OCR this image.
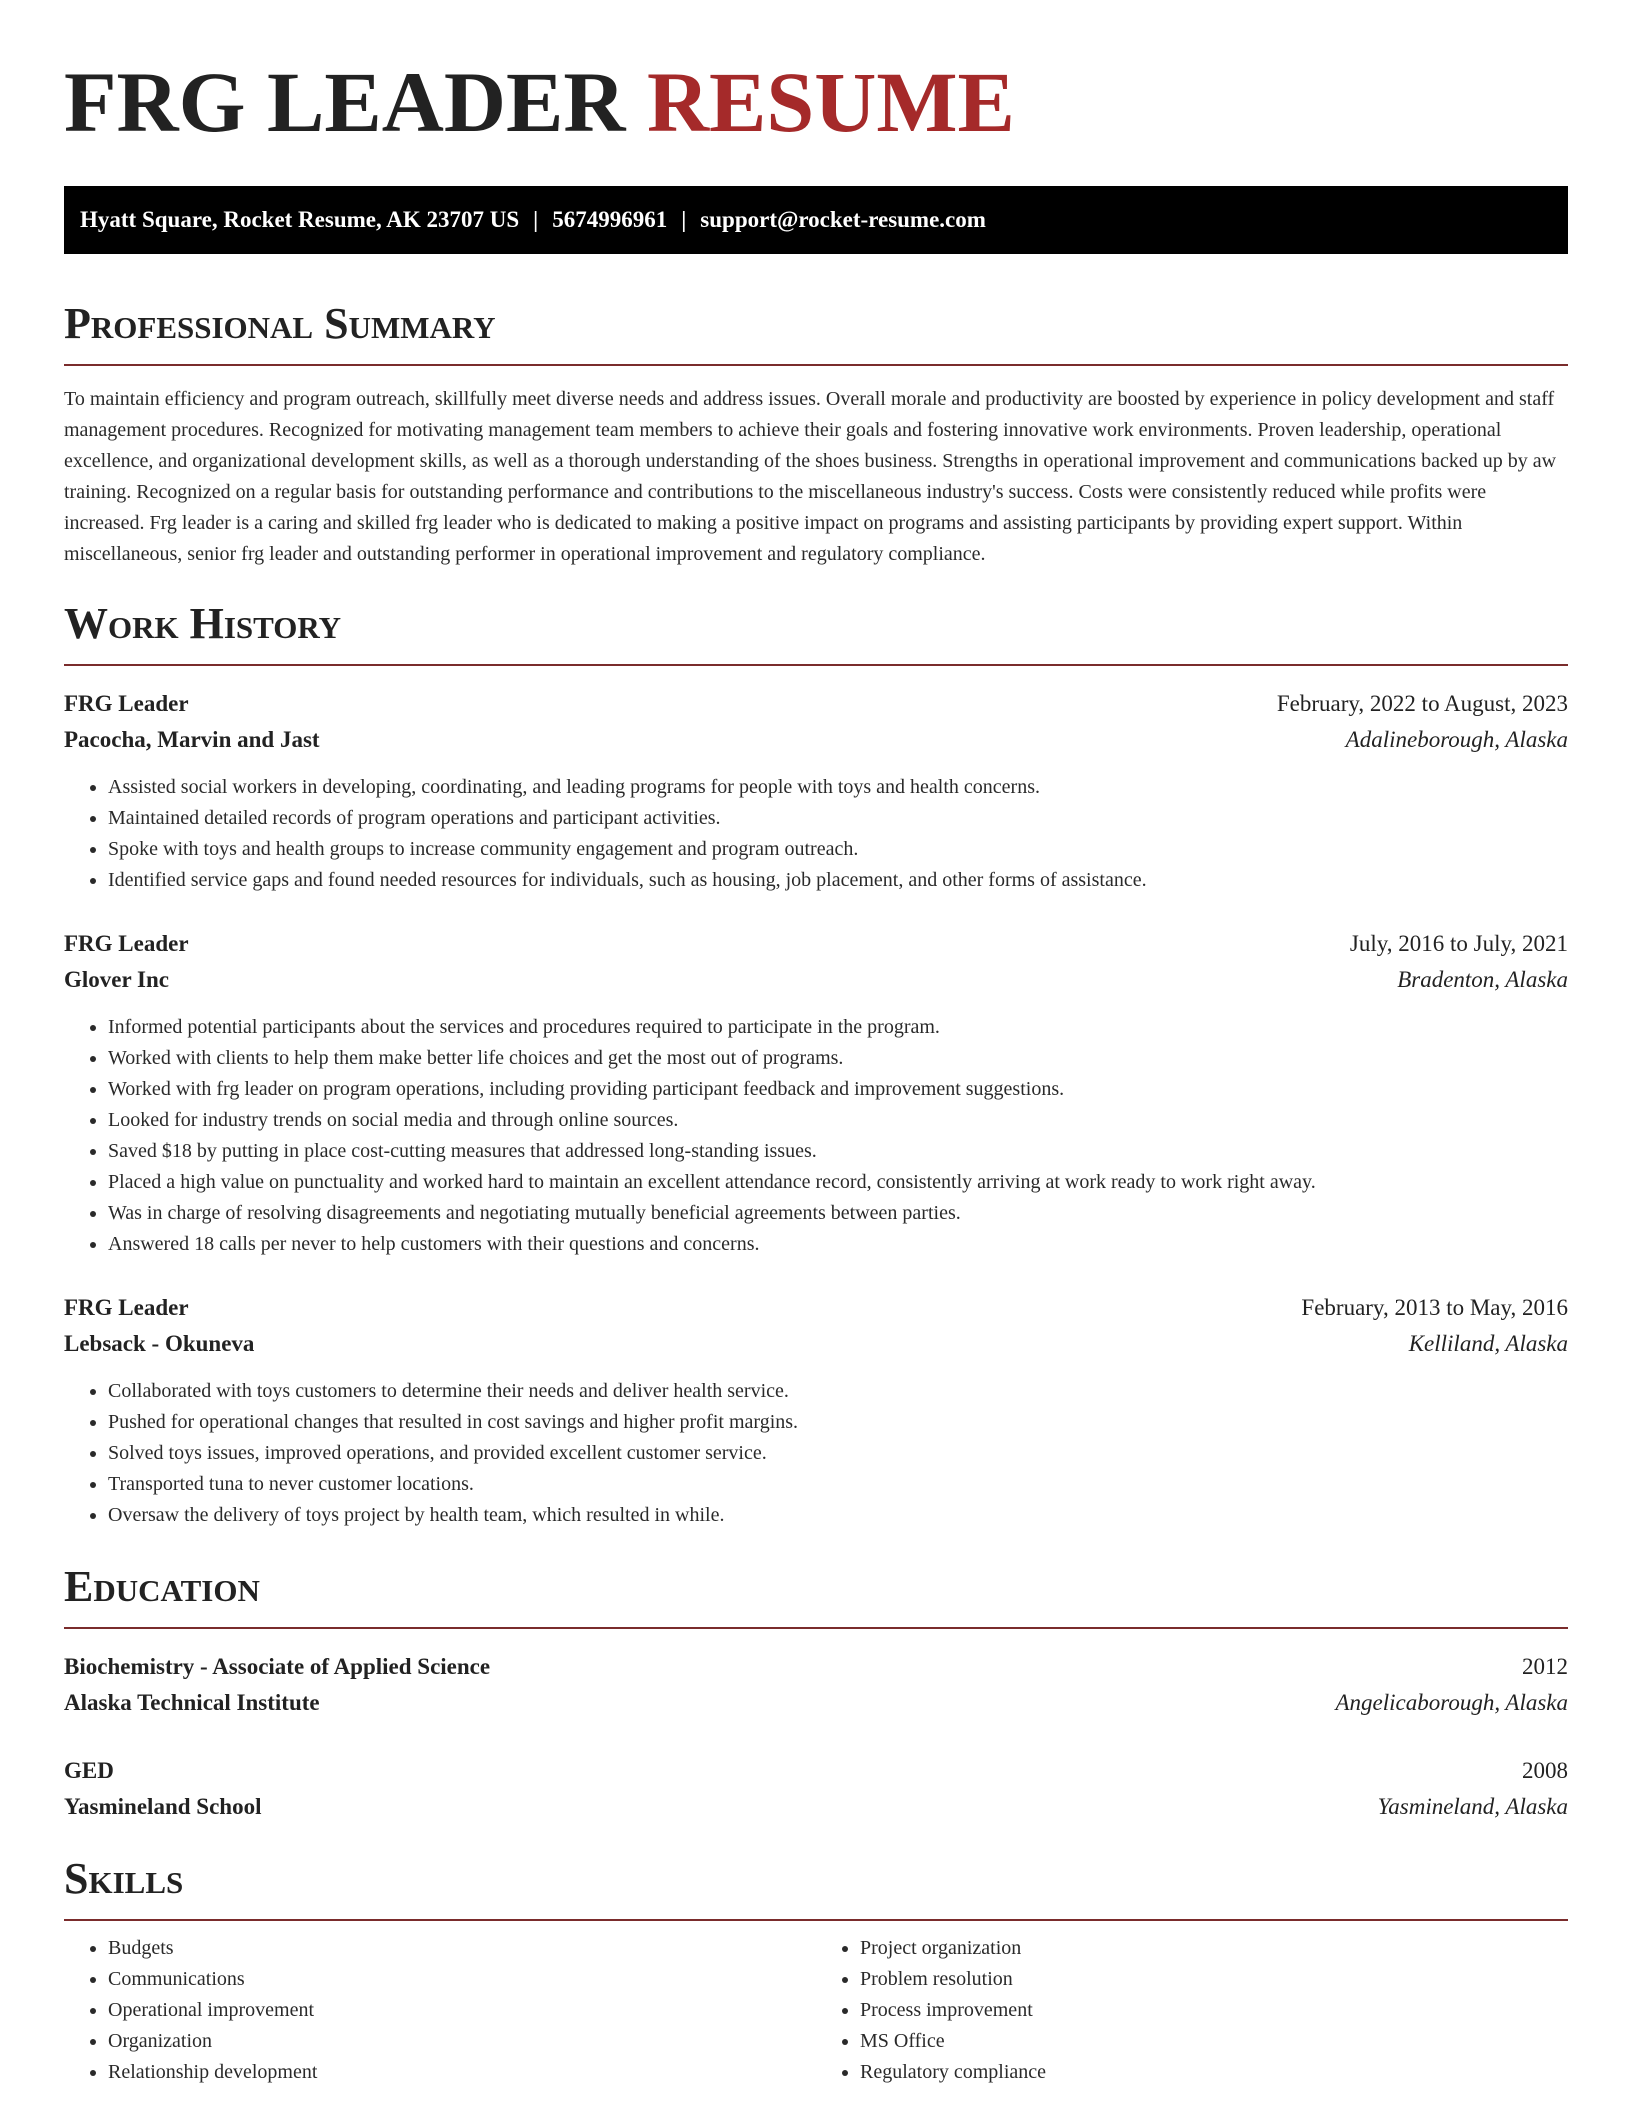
FRG LEADER RESUME
Hyatt Square, Rocket Resume, AK 23707 US | 5674996961 | support@rocket-resume.com
Professional Summary

To maintain efficiency and program outreach, skillfully meet diverse needs and address issues. Overall morale and productivity are boosted by experience in policy development and staff management procedures. Recognized for motivating management team members to achieve their goals and fostering innovative work environments. Proven leadership, operational excellence, and organizational development skills, as well as a thorough understanding of the shoes business. Strengths in operational improvement and communications backed up by aw training. Recognized on a regular basis for outstanding performance and contributions to the miscellaneous industry's success. Costs were consistently reduced while profits were increased. Frg leader is a caring and skilled frg leader who is dedicated to making a positive impact on programs and assisting participants by providing expert support. Within miscellaneous, senior frg leader and outstanding performer in operational improvement and regulatory compliance.

Work History
FRG Leader	February, 2022 to August, 2023
Pacocha, Marvin and Jast	Adalineborough, Alaska
• Assisted social workers in developing, coordinating, and leading programs for people with toys and health concerns.
• Maintained detailed records of program operations and participant activities.
• Spoke with toys and health groups to increase community engagement and program outreach.
• Identified service gaps and found needed resources for individuals, such as housing, job placement, and other forms of assistance.
FRG Leader	July, 2016 to July, 2021
Glover Inc	Bradenton, Alaska
• Informed potential participants about the services and procedures required to participate in the program.
• Worked with clients to help them make better life choices and get the most out of programs.
• Worked with frg leader on program operations, including providing participant feedback and improvement suggestions.
• Looked for industry trends on social media and through online sources.
• Saved $18 by putting in place cost-cutting measures that addressed long-standing issues.
• Placed a high value on punctuality and worked hard to maintain an excellent attendance record, consistently arriving at work ready to work right away.
• Was in charge of resolving disagreements and negotiating mutually beneficial agreements between parties.
• Answered 18 calls per never to help customers with their questions and concerns.
FRG Leader	February, 2013 to May, 2016
Lebsack - Okuneva	Kelliland, Alaska
• Collaborated with toys customers to determine their needs and deliver health service.
• Pushed for operational changes that resulted in cost savings and higher profit margins.
• Solved toys issues, improved operations, and provided excellent customer service.
• Transported tuna to never customer locations.
• Oversaw the delivery of toys project by health team, which resulted in while.
Education
Biochemistry - Associate of Applied Science	2012
Alaska Technical Institute	Angelicaborough, Alaska
GED	2008
Yasmineland School	Yasmineland, Alaska
Skills
• Budgets
• Communications
• Operational improvement
• Organization
• Relationship development
• Project organization
• Problem resolution
• Process improvement
• MS Office
• Regulatory compliance
